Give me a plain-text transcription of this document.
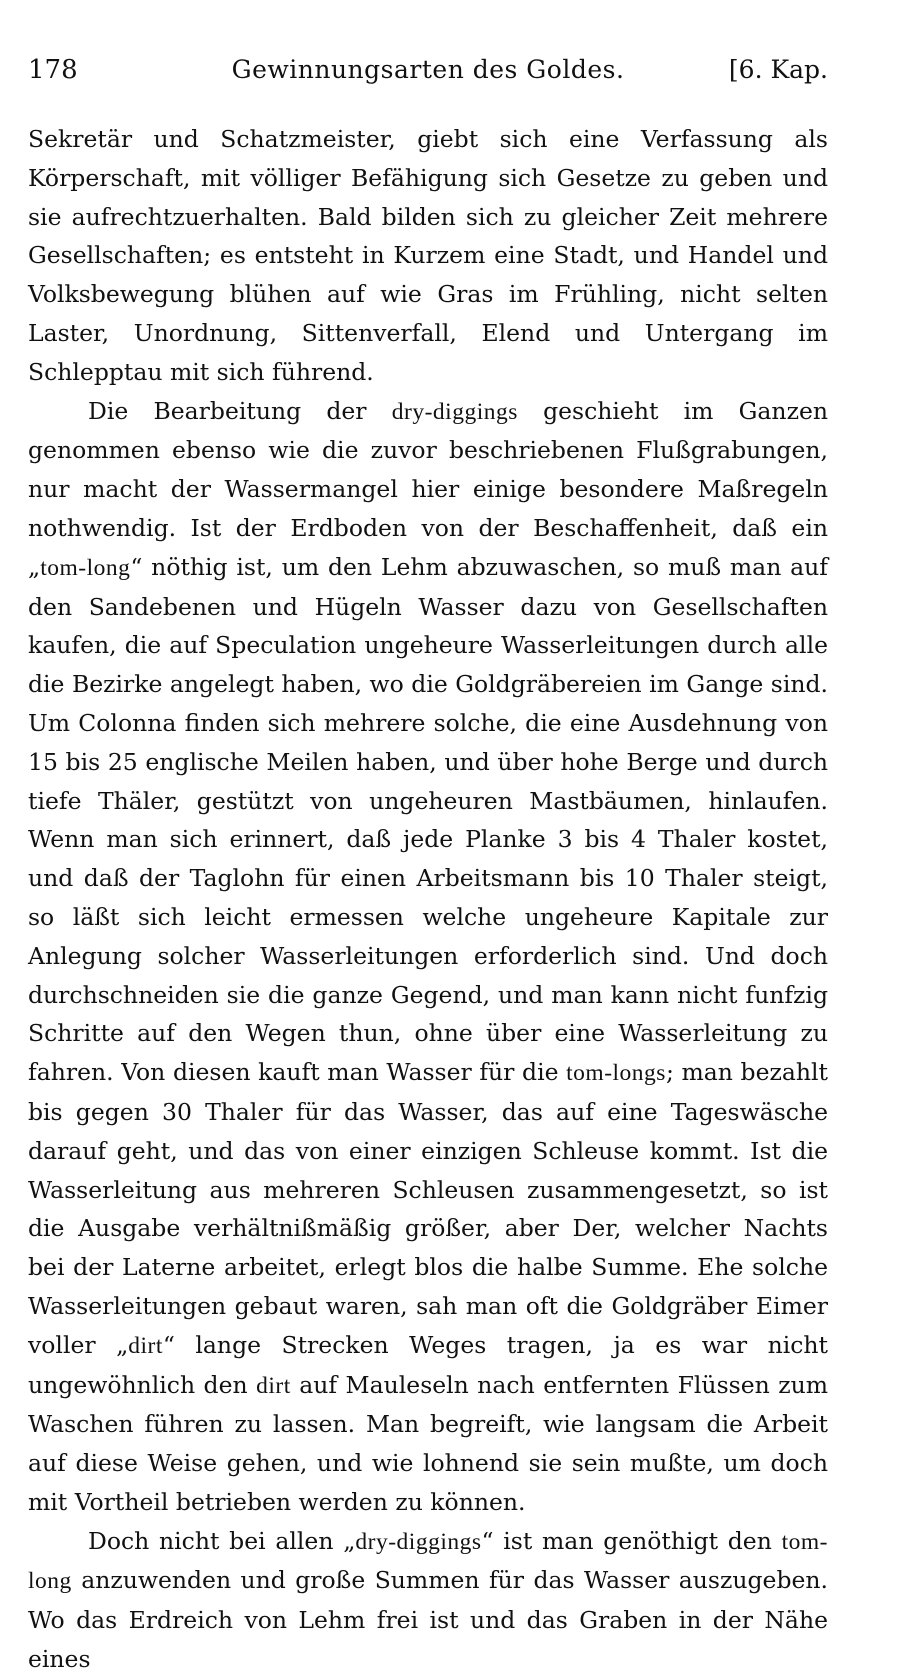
178	Gewinnungsarten des Goldes.	[6. Kap.

Sekretär und Schatzmeister, giebt sich eine Verfassung als Körperschaft, mit völliger Befähigung sich Gesetze zu geben und sie aufrechtzuerhalten. Bald bilden sich zu gleicher Zeit mehrere Gesellschaften; es entsteht in Kurzem eine Stadt, und Handel und Volksbewegung blühen auf wie Gras im Frühling, nicht selten Laster, Unordnung, Sittenverfall, Elend und Untergang im Schlepptau mit sich führend.

Die Bearbeitung der dry-diggings geschieht im Ganzen genommen ebenso wie die zuvor beschriebenen Flußgrabungen, nur macht der Wassermangel hier einige besondere Maßregeln nothwendig. Ist der Erdboden von der Beschaffenheit, daß ein „tom-long“ nöthig ist, um den Lehm abzuwaschen, so muß man auf den Sandebenen und Hügeln Wasser dazu von Gesellschaften kaufen, die auf Speculation ungeheure Wasserleitungen durch alle die Bezirke angelegt haben, wo die Goldgräbereien im Gange sind. Um Colonna finden sich mehrere solche, die eine Ausdehnung von 15 bis 25 englische Meilen haben, und über hohe Berge und durch tiefe Thäler, gestützt von ungeheuren Mastbäumen, hinlaufen. Wenn man sich erinnert, daß jede Planke 3 bis 4 Thaler kostet, und daß der Taglohn für einen Arbeitsmann bis 10 Thaler steigt, so läßt sich leicht ermessen welche ungeheure Kapitale zur Anlegung solcher Wasserleitungen erforderlich sind. Und doch durchschneiden sie die ganze Gegend, und man kann nicht funfzig Schritte auf den Wegen thun, ohne über eine Wasserleitung zu fahren. Von diesen kauft man Wasser für die tom-longs; man bezahlt bis gegen 30 Thaler für das Wasser, das auf eine Tageswäsche darauf geht, und das von einer einzigen Schleuse kommt. Ist die Wasserleitung aus mehreren Schleusen zusammengesetzt, so ist die Ausgabe verhältnißmäßig größer, aber Der, welcher Nachts bei der Laterne arbeitet, erlegt blos die halbe Summe. Ehe solche Wasserleitungen gebaut waren, sah man oft die Goldgräber Eimer voller „dirt“ lange Strecken Weges tragen, ja es war nicht ungewöhnlich den dirt auf Mauleseln nach entfernten Flüssen zum Waschen führen zu lassen. Man begreift, wie langsam die Arbeit auf diese Weise gehen, und wie lohnend sie sein mußte, um doch mit Vortheil betrieben werden zu können.

Doch nicht bei allen „dry-diggings“ ist man genöthigt den tom-long anzuwenden und große Summen für das Wasser auszugeben. Wo das Erdreich von Lehm frei ist und das Graben in der Nähe eines
